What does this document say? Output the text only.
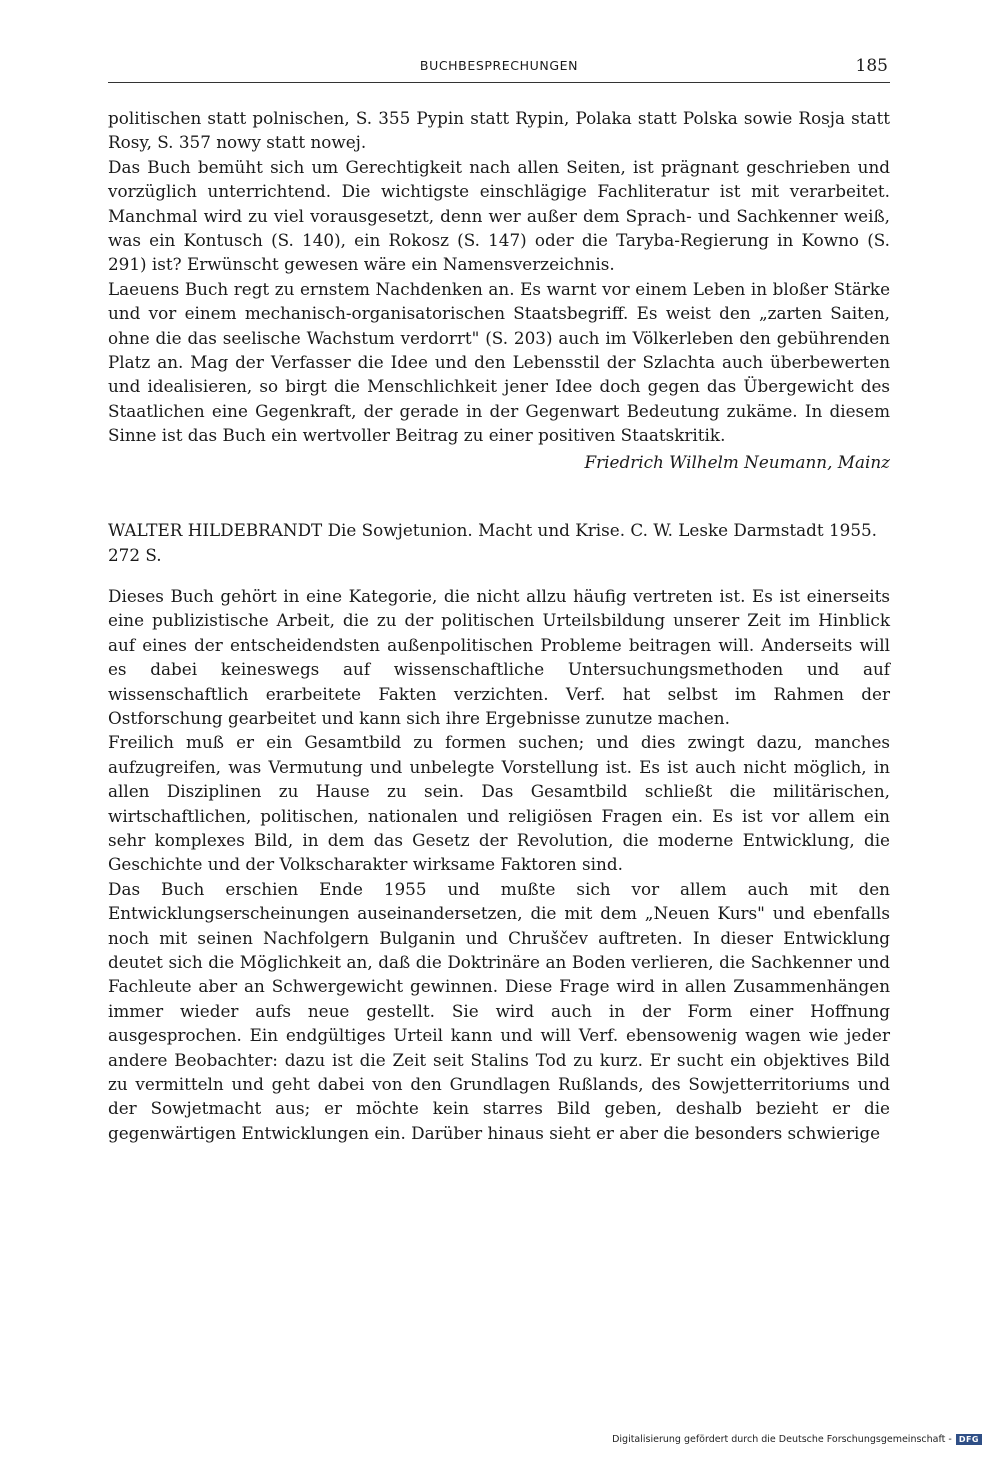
BUCHBESPRECHUNGEN	185

politischen statt polnischen, S. 355 Pypin statt Rypin, Polaka statt Polska sowie Rosja statt Rosy, S. 357 nowy statt nowej.

Das Buch bemüht sich um Gerechtigkeit nach allen Seiten, ist prägnant geschrieben und vorzüglich unterrichtend. Die wichtigste einschlägige Fachliteratur ist mit verarbeitet. Manchmal wird zu viel vorausgesetzt, denn wer außer dem Sprach- und Sachkenner weiß, was ein Kontusch (S. 140), ein Rokosz (S. 147) oder die Taryba-Regierung in Kowno (S. 291) ist? Erwünscht gewesen wäre ein Namensverzeichnis.

Laeuens Buch regt zu ernstem Nachdenken an. Es warnt vor einem Leben in bloßer Stärke und vor einem mechanisch-organisatorischen Staatsbegriff. Es weist den „zarten Saiten, ohne die das seelische Wachstum verdorrt" (S. 203) auch im Völkerleben den gebührenden Platz an. Mag der Verfasser die Idee und den Lebensstil der Szlachta auch überbewerten und idealisieren, so birgt die Menschlichkeit jener Idee doch gegen das Übergewicht des Staatlichen eine Gegenkraft, der gerade in der Gegenwart Bedeutung zukäme. In diesem Sinne ist das Buch ein wertvoller Beitrag zu einer positiven Staatskritik.

Friedrich Wilhelm Neumann, Mainz

WALTER HILDEBRANDT Die Sowjetunion. Macht und Krise. C. W. Leske Darmstadt 1955. 272 S.

Dieses Buch gehört in eine Kategorie, die nicht allzu häufig vertreten ist. Es ist einerseits eine publizistische Arbeit, die zu der politischen Urteilsbildung unserer Zeit im Hinblick auf eines der entscheidendsten außenpolitischen Probleme beitragen will. Anderseits will es dabei keineswegs auf wissenschaftliche Untersuchungsmethoden und auf wissenschaftlich erarbeitete Fakten verzichten. Verf. hat selbst im Rahmen der Ostforschung gearbeitet und kann sich ihre Ergebnisse zunutze machen.

Freilich muß er ein Gesamtbild zu formen suchen; und dies zwingt dazu, manches aufzugreifen, was Vermutung und unbelegte Vorstellung ist. Es ist auch nicht möglich, in allen Disziplinen zu Hause zu sein. Das Gesamtbild schließt die militärischen, wirtschaftlichen, politischen, nationalen und religiösen Fragen ein. Es ist vor allem ein sehr komplexes Bild, in dem das Gesetz der Revolution, die moderne Entwicklung, die Geschichte und der Volkscharakter wirksame Faktoren sind.

Das Buch erschien Ende 1955 und mußte sich vor allem auch mit den Entwicklungserscheinungen auseinandersetzen, die mit dem „Neuen Kurs" und ebenfalls noch mit seinen Nachfolgern Bulganin und Chruščev auftreten. In dieser Entwicklung deutet sich die Möglichkeit an, daß die Doktrinäre an Boden verlieren, die Sachkenner und Fachleute aber an Schwergewicht gewinnen. Diese Frage wird in allen Zusammenhängen immer wieder aufs neue gestellt. Sie wird auch in der Form einer Hoffnung ausgesprochen. Ein endgültiges Urteil kann und will Verf. ebensowenig wagen wie jeder andere Beobachter: dazu ist die Zeit seit Stalins Tod zu kurz. Er sucht ein objektives Bild zu vermitteln und geht dabei von den Grundlagen Rußlands, des Sowjetterritoriums und der Sowjetmacht aus; er möchte kein starres Bild geben, deshalb bezieht er die gegenwärtigen Entwicklungen ein. Darüber hinaus sieht er aber die besonders schwierige

Digitalisierung gefördert durch die Deutsche Forschungsgemeinschaft - DFG
